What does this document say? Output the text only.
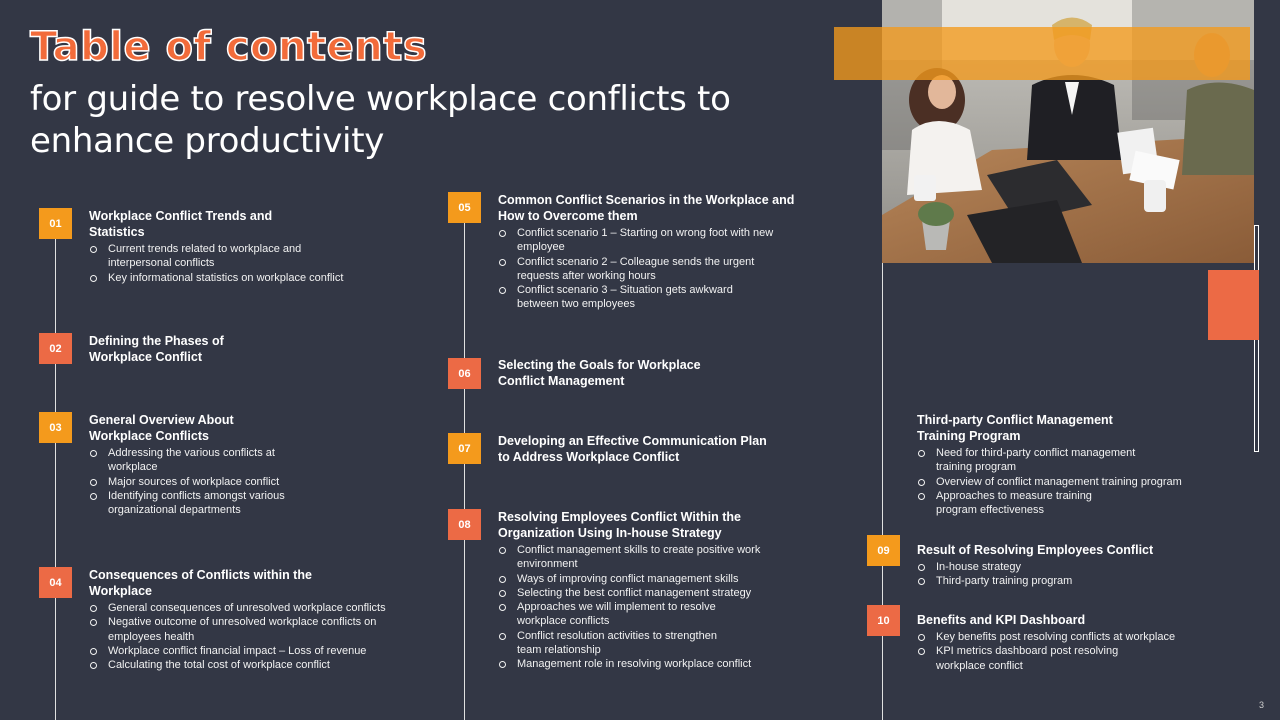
Table of contents
for guide to resolve workplace conflicts to enhance productivity
01
Workplace Conflict Trends and Statistics
Current trends related to workplace and interpersonal conflicts
Key informational statistics on workplace conflict
02
Defining the Phases of Workplace Conflict
03
General Overview About Workplace Conflicts
Addressing the various conflicts at workplace
Major sources of workplace conflict
Identifying conflicts amongst various organizational departments
04
Consequences of Conflicts within the Workplace
General consequences of unresolved workplace conflicts
Negative outcome of unresolved workplace conflicts on employees health
Workplace conflict financial impact – Loss of revenue
Calculating the total cost of workplace conflict
05
Common Conflict Scenarios in the Workplace and How to Overcome them
Conflict scenario 1 – Starting on wrong foot with new employee
Conflict scenario 2 – Colleague sends the urgent requests after working hours
Conflict scenario 3 – Situation gets awkward between two employees
06
Selecting the Goals for Workplace Conflict Management
07
Developing an Effective Communication Plan to Address Workplace Conflict
08
Resolving Employees Conflict Within the Organization Using In-house Strategy
Conflict management skills to create positive work environment
Ways of improving conflict management skills
Selecting the best conflict management strategy
Approaches we will implement to resolve workplace conflicts
Conflict resolution activities to strengthen team relationship
Management role in resolving workplace conflict
Third-party Conflict Management Training Program
Need for third-party conflict management training program
Overview of conflict management training program
Approaches to measure training program effectiveness
09	Result of Resolving Employees Conflict
In-house strategy
Third-party training program
10	Benefits and KPI Dashboard
Key benefits post resolving conflicts at workplace
KPI metrics dashboard post resolving workplace conflict
3
